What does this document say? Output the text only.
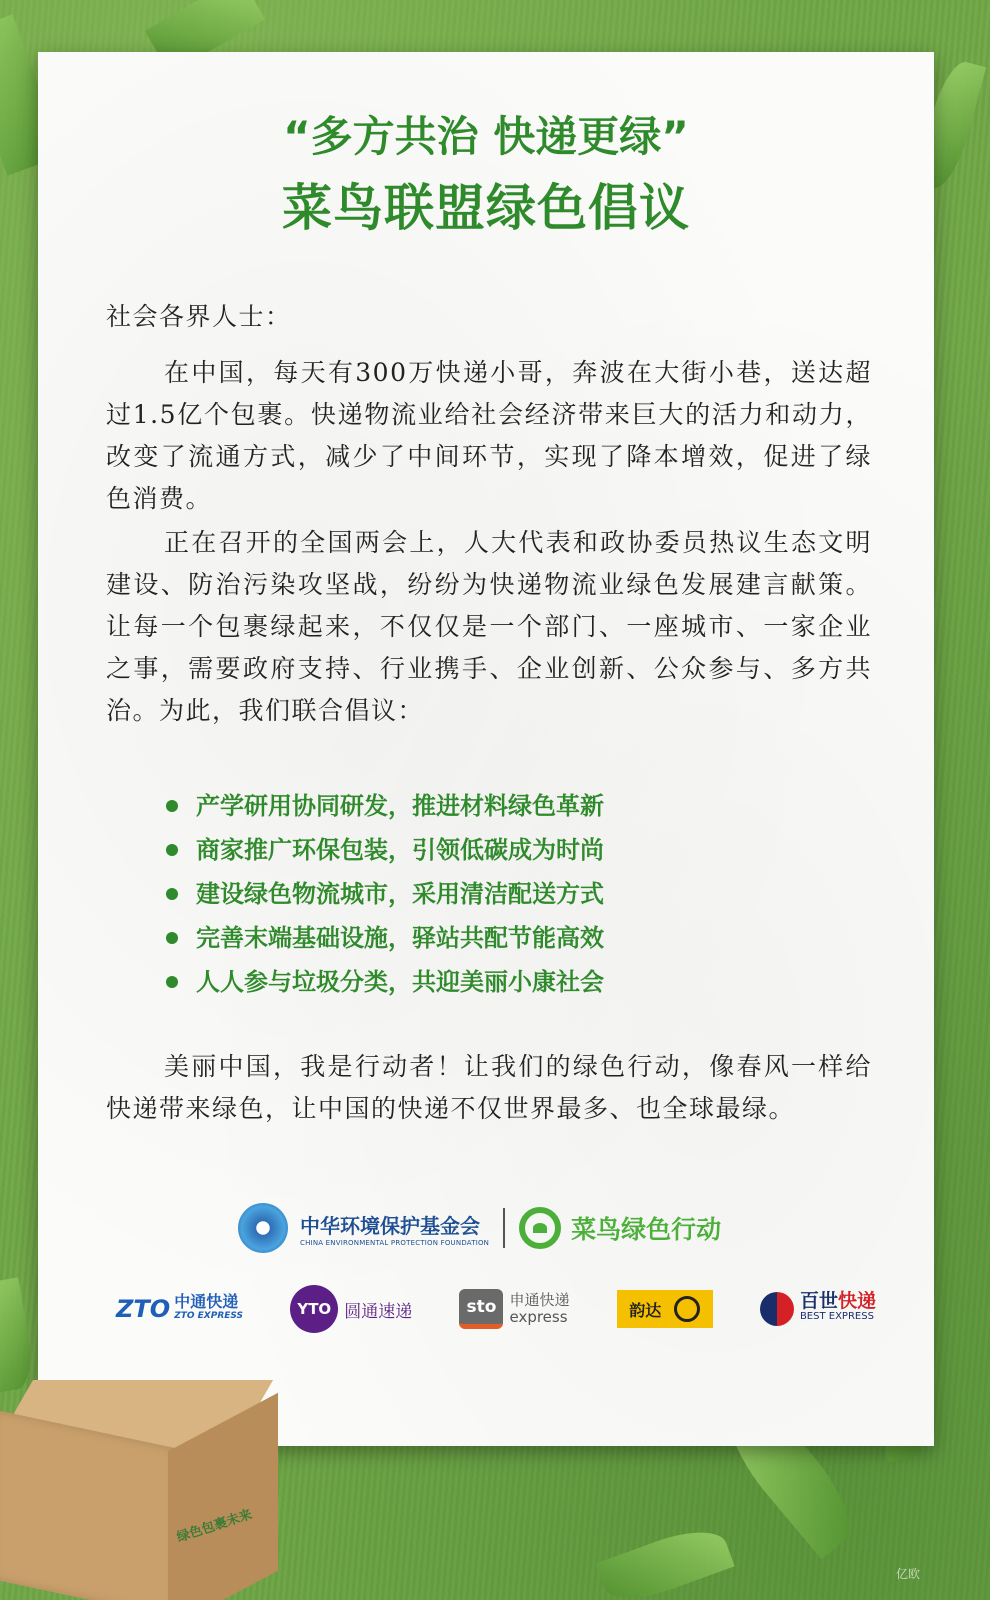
“多方共治 快递更绿”
菜鸟联盟绿色倡议
社会各界人士：
在中国，每天有300万快递小哥，奔波在大街小巷，送达超过1.5亿个包裹。快递物流业给社会经济带来巨大的活力和动力，改变了流通方式，减少了中间环节，实现了降本增效，促进了绿色消费。
正在召开的全国两会上，人大代表和政协委员热议生态文明建设、防治污染攻坚战，纷纷为快递物流业绿色发展建言献策。让每一个包裹绿起来，不仅仅是一个部门、一座城市、一家企业之事，需要政府支持、行业携手、企业创新、公众参与、多方共治。为此，我们联合倡议：
产学研用协同研发，推进材料绿色革新
商家推广环保包装，引领低碳成为时尚
建设绿色物流城市，采用清洁配送方式
完善末端基础设施，驿站共配节能高效
人人参与垃圾分类，共迎美丽小康社会
美丽中国，我是行动者！让我们的绿色行动，像春风一样给快递带来绿色，让中国的快递不仅世界最多、也全球最绿。
中华环境保护基金会
CHINA ENVIRONMENTAL PROTECTION FOUNDATION	菜鸟绿色行动
ZTO 中通快递
ZTO EXPRESS	YTO 圆通速递	sto 申通快递
express	韵达	百世快递
BEST EXPRESS
绿色包裹未来
亿欧
